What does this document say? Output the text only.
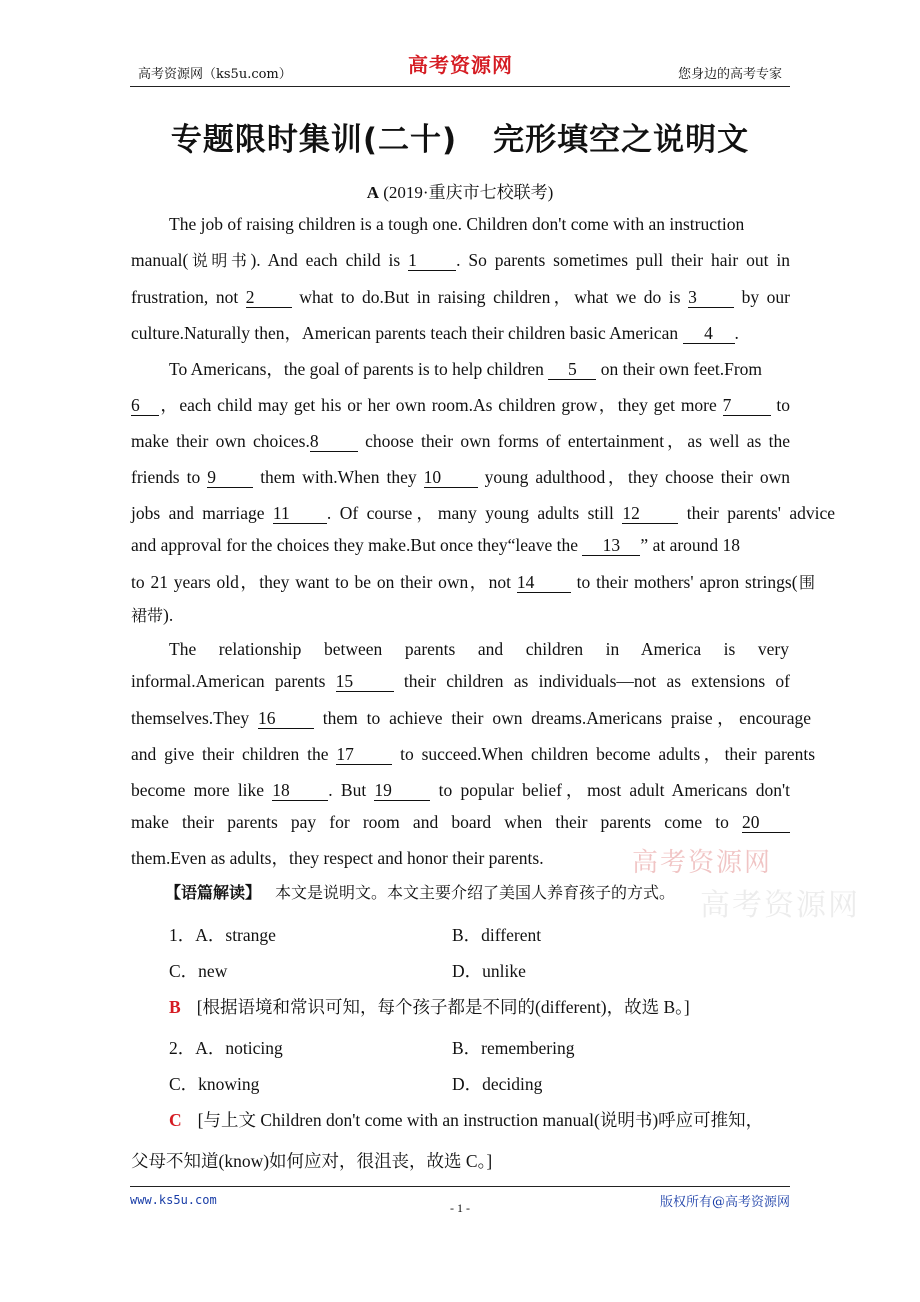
高考资源网（ks5u.com）	高考资源网	您身边的高考专家
专题限时集训(二十) 完形填空之说明文
A (2019·重庆市七校联考)
The job of raising children is a tough one. Children don't come with an instruction
manual(说明书). And each child is 1 . So parents sometimes pull their hair out in
frustration, not 2 what to do.But in raising children，what we do is 3 by our
culture.Naturally then，American parents teach their children basic American 4 .
To Americans，the goal of parents is to help children 5 on their own feet.From
6 ，each child may get his or her own room.As children grow，they get more 7 to
make their own choices.8 choose their own forms of entertainment，as well as the
friends to 9 them with.When they 10 young adulthood，they choose their own
jobs and marriage 11 . Of course，many young adults still 12 their parents' advice
and approval for the choices they make.But once they“leave the 13 ” at around 18
to 21 years old，they want to be on their own，not 14 to their mothers' apron strings(围
裙带).
The relationship between parents and children in America is very
informal.American parents 15 their children as individuals—not as extensions of
themselves.They 16 them to achieve their own dreams.Americans praise，encourage
and give their children the 17 to succeed.When children become adults，their parents
become more like 18 . But 19 to popular belief，most adult Americans don't
make their parents pay for room and board when their parents come to 20
them.Even as adults，they respect and honor their parents.	高考资源网
高考资源网
【语篇解读】 本文是说明文。本文主要介绍了美国人养育孩子的方式。
1．A．strange	B．different
C．new	D．unlike
B [根据语境和常识可知，每个孩子都是不同的(different)，故选 B。]
2．A．noticing	B．remembering
C．knowing	D．deciding
C [与上文 Children don't come with an instruction manual(说明书)呼应可推知，
父母不知道(know)如何应对，很沮丧，故选 C。]
www.ks5u.com
- 1 -	版权所有@高考资源网
